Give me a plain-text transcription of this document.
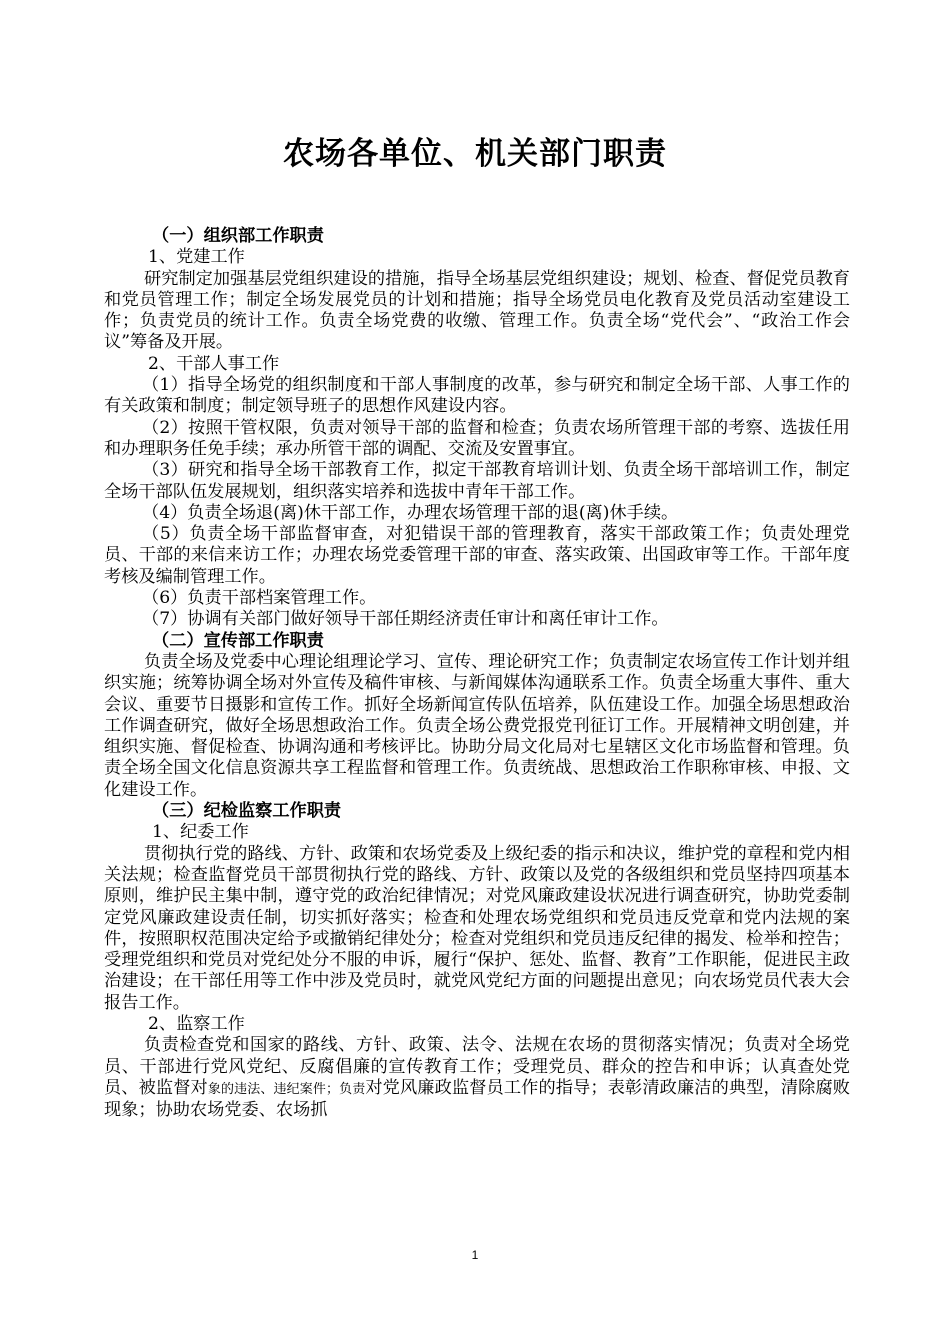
农场各单位、机关部门职责

（一）组织部工作职责

1、党建工作

研究制定加强基层党组织建设的措施，指导全场基层党组织建设；规划、检查、督促党员教育和党员管理工作；制定全场发展党员的计划和措施；指导全场党员电化教育及党员活动室建设工作；负责党员的统计工作。负责全场党费的收缴、管理工作。负责全场“党代会”、“政治工作会议”筹备及开展。

2、干部人事工作

（1）指导全场党的组织制度和干部人事制度的改革，参与研究和制定全场干部、人事工作的有关政策和制度；制定领导班子的思想作风建设内容。

（2）按照干管权限，负责对领导干部的监督和检查；负责农场所管理干部的考察、选拔任用和办理职务任免手续；承办所管干部的调配、交流及安置事宜。

（3）研究和指导全场干部教育工作，拟定干部教育培训计划、负责全场干部培训工作，制定全场干部队伍发展规划，组织落实培养和选拔中青年干部工作。

（4）负责全场退(离)休干部工作，办理农场管理干部的退(离)休手续。

（5）负责全场干部监督审查，对犯错误干部的管理教育，落实干部政策工作；负责处理党员、干部的来信来访工作；办理农场党委管理干部的审查、落实政策、出国政审等工作。干部年度考核及编制管理工作。

（6）负责干部档案管理工作。

（7）协调有关部门做好领导干部任期经济责任审计和离任审计工作。

（二）宣传部工作职责

负责全场及党委中心理论组理论学习、宣传、理论研究工作；负责制定农场宣传工作计划并组织实施；统筹协调全场对外宣传及稿件审核、与新闻媒体沟通联系工作。负责全场重大事件、重大会议、重要节日摄影和宣传工作。抓好全场新闻宣传队伍培养，队伍建设工作。加强全场思想政治工作调查研究，做好全场思想政治工作。负责全场公费党报党刊征订工作。开展精神文明创建，并组织实施、督促检查、协调沟通和考核评比。协助分局文化局对七星辖区文化市场监督和管理。负责全场全国文化信息资源共享工程监督和管理工作。负责统战、思想政治工作职称审核、申报、文化建设工作。

（三）纪检监察工作职责

1、纪委工作

贯彻执行党的路线、方针、政策和农场党委及上级纪委的指示和决议，维护党的章程和党内相关法规；检查监督党员干部贯彻执行党的路线、方针、政策以及党的各级组织和党员坚持四项基本原则，维护民主集中制，遵守党的政治纪律情况；对党风廉政建设状况进行调查研究，协助党委制定党风廉政建设责任制，切实抓好落实；检查和处理农场党组织和党员违反党章和党内法规的案件，按照职权范围决定给予或撤销纪律处分；检查对党组织和党员违反纪律的揭发、检举和控告；受理党组织和党员对党纪处分不服的申诉，履行“保护、惩处、监督、教育”工作职能，促进民主政治建设；在干部任用等工作中涉及党员时，就党风党纪方面的问题提出意见；向农场党员代表大会报告工作。

2、监察工作

负责检查党和国家的路线、方针、政策、法令、法规在农场的贯彻落实情况；负责对全场党员、干部进行党风党纪、反腐倡廉的宣传教育工作；受理党员、群众的控告和申诉；认真查处党员、被监督对象的违法、违纪案件；负责对党风廉政监督员工作的指导；表彰清政廉洁的典型，清除腐败现象；协助农场党委、农场抓

1
